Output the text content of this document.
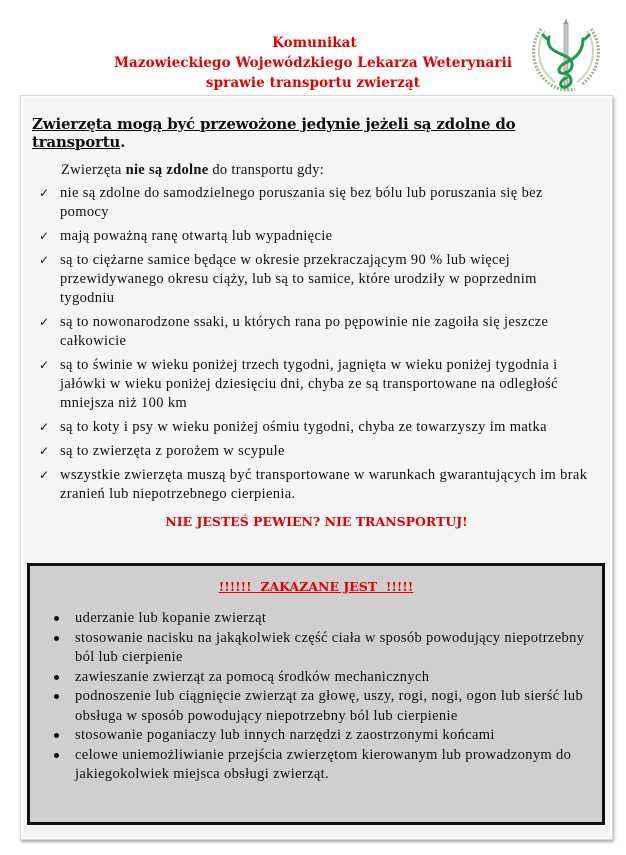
Komunikat
Mazowieckiego Wojewódzkiego Lekarza Weterynarii
sprawie transportu zwierząt
Zwierzęta mogą być przewożone jedynie jeżeli są zdolne do transportu.
Zwierzęta nie są zdolne do transportu gdy:
✓ nie są zdolne do samodzielnego poruszania się bez bólu lub poruszania się bez pomocy
✓ mają poważną ranę otwartą lub wypadnięcie
✓ są to ciężarne samice będące w okresie przekraczającym 90 % lub więcej przewidywanego okresu ciąży, lub są to samice, które urodziły w poprzednim tygodniu
✓ są to nowonarodzone ssaki, u których rana po pępowinie nie zagoiła się jeszcze całkowicie
✓ są to świnie w wieku poniżej trzech tygodni, jagnięta w wieku poniżej tygodnia i jałówki w wieku poniżej dziesięciu dni, chyba ze są transportowane na odległość mniejsza niż 100 km
✓ są to koty i psy w wieku poniżej ośmiu tygodni, chyba ze towarzyszy im matka
✓ są to zwierzęta z porożem w scypule
✓ wszystkie zwierzęta muszą być transportowane w warunkach gwarantujących im brak zranień lub niepotrzebnego cierpienia.
NIE JESTEŚ PEWIEN? NIE TRANSPORTUJ!
!!!!!!  ZAKAZANE JEST  !!!!!
uderzanie lub kopanie zwierząt
stosowanie nacisku na jakąkolwiek część ciała w sposób powodujący niepotrzebny ból lub cierpienie
zawieszanie zwierząt za pomocą środków mechanicznych
podnoszenie lub ciągnięcie zwierząt za głowę, uszy, rogi, nogi, ogon lub sierść lub obsługa w sposób powodujący niepotrzebny ból lub cierpienie
stosowanie poganiaczy lub innych narzędzi z zaostrzonymi końcami
celowe uniemożliwianie przejścia zwierzętom kierowanym lub prowadzonym do jakiegokolwiek miejsca obsługi zwierząt.
